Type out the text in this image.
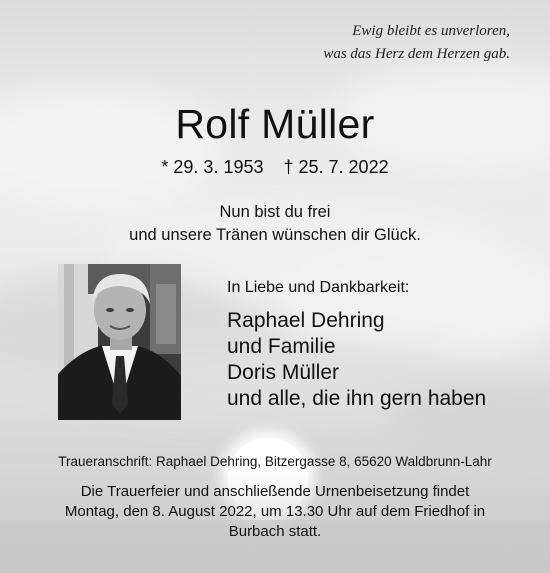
Ewig bleibt es unverloren,
was das Herz dem Herzen gab.
Rolf Müller
* 29. 3. 1953 † 25. 7. 2022
Nun bist du frei
und unsere Tränen wünschen dir Glück.
In Liebe und Dankbarkeit:
Raphael Dehring
und Familie
Doris Müller
und alle, die ihn gern haben
Traueranschrift: Raphael Dehring, Bitzergasse 8, 65620 Waldbrunn-Lahr
Die Trauerfeier und anschließende Urnenbeisetzung findet
Montag, den 8. August 2022, um 13.30 Uhr auf dem Friedhof in
Burbach statt.
